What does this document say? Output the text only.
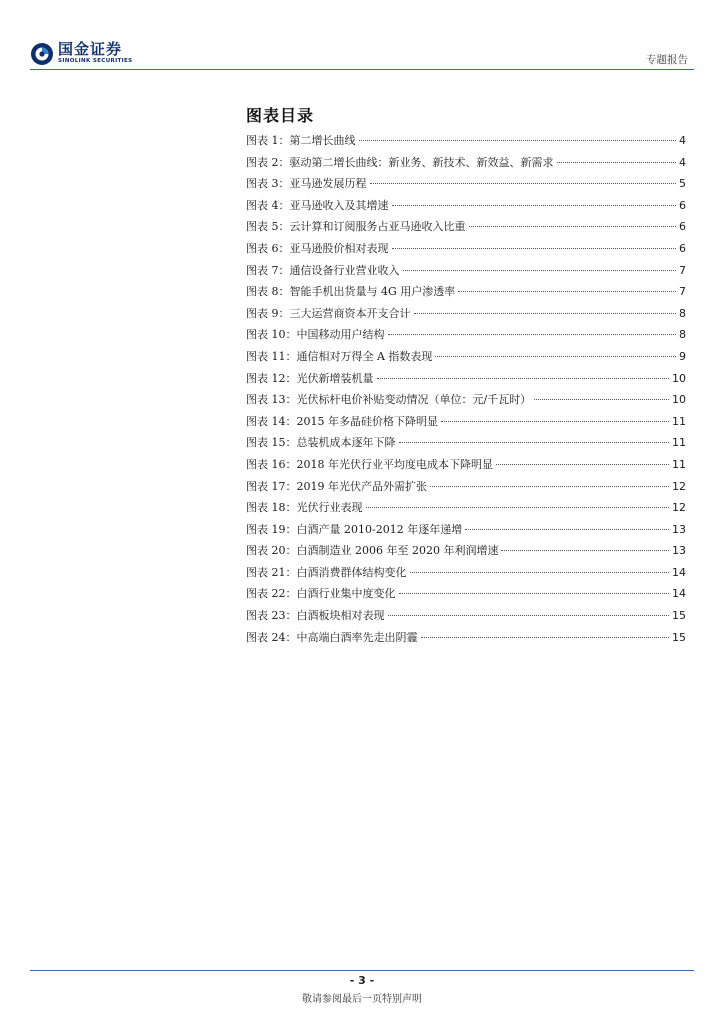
国金证券
SINOLINK SECURITIES	专题报告
图表目录
图表 1：第二增长曲线	4
图表 2：驱动第二增长曲线：新业务、新技术、新效益、新需求	4
图表 3：亚马逊发展历程	5
图表 4：亚马逊收入及其增速	6
图表 5：云计算和订阅服务占亚马逊收入比重	6
图表 6：亚马逊股价相对表现	6
图表 7：通信设备行业营业收入	7
图表 8：智能手机出货量与 4G 用户渗透率	7
图表 9：三大运营商资本开支合计	8
图表 10：中国移动用户结构	8
图表 11：通信相对万得全 A 指数表现	9
图表 12：光伏新增装机量	10
图表 13：光伏标杆电价补贴变动情况（单位：元/千瓦时）	10
图表 14：2015 年多晶硅价格下降明显	11
图表 15：总装机成本逐年下降	11
图表 16：2018 年光伏行业平均度电成本下降明显	11
图表 17：2019 年光伏产品外需扩张	12
图表 18：光伏行业表现	12
图表 19：白酒产量 2010-2012 年逐年递增	13
图表 20：白酒制造业 2006 年至 2020 年利润增速	13
图表 21：白酒消费群体结构变化	14
图表 22：白酒行业集中度变化	14
图表 23：白酒板块相对表现	15
图表 24：中高端白酒率先走出阴霾	15
- 3 -
敬请参阅最后一页特别声明
